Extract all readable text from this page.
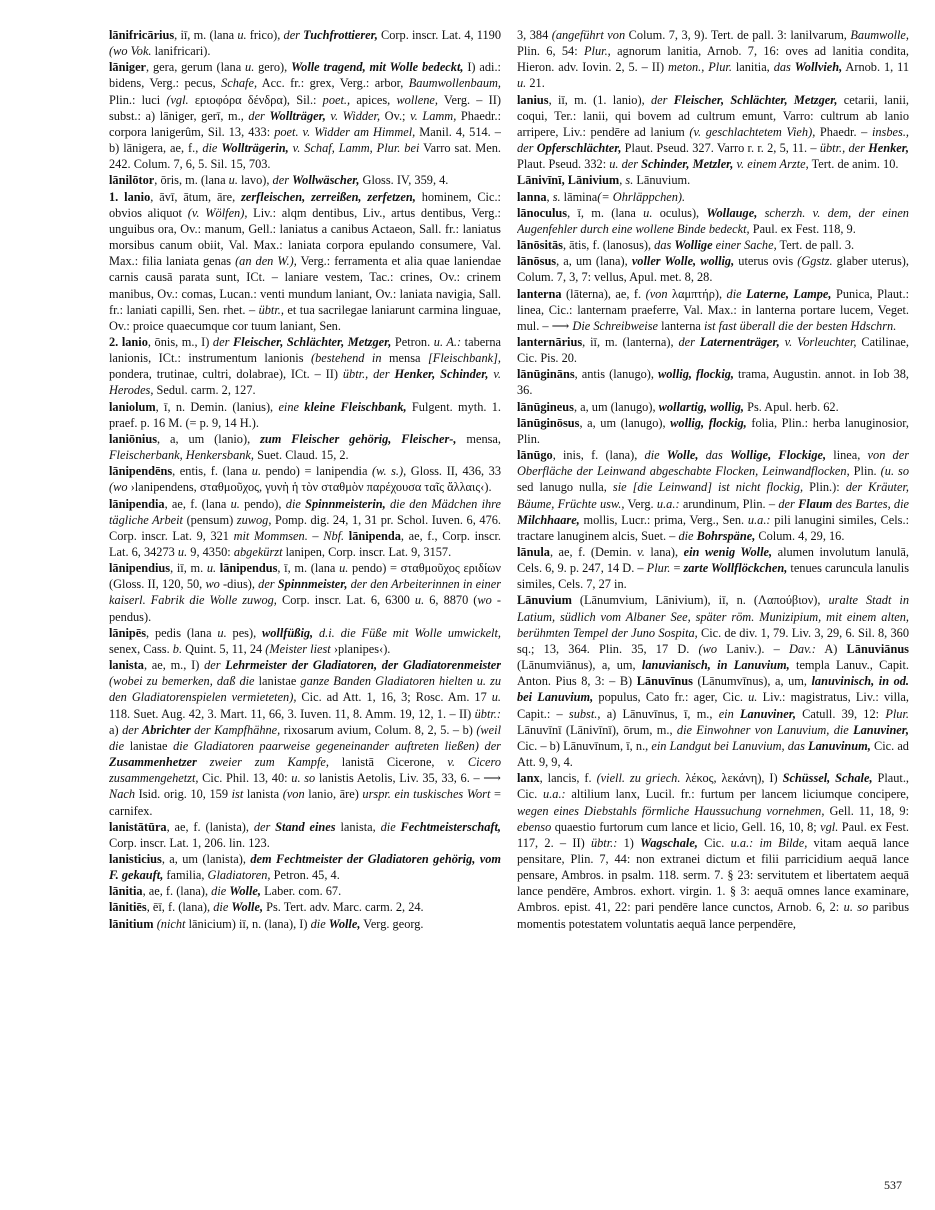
lānifricārius, iī, m. (lana u. frico), der Tuchfrottierer, Corp. inscr. Lat. 4, 1190 (wo Vok. lanifricari).

lāniger, gera, gerum (lana u. gero), Wolle tragend, mit Wolle bedeckt, I) adi.: bidens, Verg.: pecus, Schafe, Acc. fr.: grex, Verg.: arbor, Baumwollenbaum, Plin.: luci (vgl. εριοφόρα δένδρα), Sil.: poet., apices, wollene, Verg. – II) subst.: a) lāniger, gerī, m., der Wollträger, v. Widder, Ov.; v. Lamm, Phaedr.: corpora lanigerûm, Sil. 13, 433: poet. v. Widder am Himmel, Manil. 4, 514. – b) lānigera, ae, f., die Wollträgerin, v. Schaf, Lamm, Plur. bei Varro sat. Men. 242. Colum. 7, 6, 5. Sil. 15, 703.

lānilōtor, ōris, m. (lana u. lavo), der Wollwäscher, Gloss. IV, 359, 4.

1. lanio, āvī, ātum, āre, zerfleischen, zerreißen, zerfetzen, hominem, Cic.: obvios aliquot (v. Wölfen), Liv.: alqm dentibus, Liv., artus dentibus, Verg.: unguibus ora, Ov.: manum, Gell.: laniatus a canibus Actaeon, Sall. fr.: laniatus morsibus canum obiit, Val. Max.: laniata corpora epulando consumere, Val. Max.: filia laniata genas (an den W.), Verg.: ferramenta et alia quae laniendae carnis causā parata sunt, ICt. – laniare vestem, Tac.: crines, Ov.: crinem manibus, Ov.: comas, Lucan.: venti mundum laniant, Ov.: laniata navigia, Sall. fr.: laniati capilli, Sen. rhet. – übtr., et tua sacrilegae laniarunt carmina linguae, Ov.: proice quaecumque cor tuum laniant, Sen.

2. lanio, ōnis, m., I) der Fleischer, Schlächter, Metzger, Petron. u. A.: taberna lanionis, ICt.: instrumentum lanionis (bestehend in mensa [Fleischbank], pondera, trutinae, cultri, dolabrae), ICt. – II) übtr., der Henker, Schinder, v. Herodes, Sedul. carm. 2, 127.

laniolum, ī, n. Demin. (lanius), eine kleine Fleischbank, Fulgent. myth. 1. praef. p. 16 M. (= p. 9, 14 H.).

laniōnius, a, um (lanio), zum Fleischer gehörig, Fleischer-, mensa, Fleischerbank, Henkersbank, Suet. Claud. 15, 2.

lānipendēns, entis, f. (lana u. pendo) = lanipendia (w. s.), Gloss. II, 436, 33 (wo ›lanipendens, σταθμοῦχος, γυνὴ ἡ τὸν σταθμὸν παρέχουσα ταῖς ἄλλαις‹).

lānipendia, ae, f. (lana u. pendo), die Spinnmeisterin, die den Mädchen ihre tägliche Arbeit (pensum) zuwog, Pomp. dig. 24, 1, 31 pr. Schol. Iuven. 6, 476. Corp. inscr. Lat. 9, 321 mit Mommsen. – Nbf. lānipenda, ae, f., Corp. inscr. Lat. 6, 34273 u. 9, 4350: abgekürzt lanipen, Corp. inscr. Lat. 9, 3157.

lānipendius, iī, m. u. lānipendus, ī, m. (lana u. pendo) = σταθμοῦχος εριδίων (Gloss. II, 120, 50, wo -dius), der Spinnmeister, der den Arbeiterinnen in einer kaiserl. Fabrik die Wolle zuwog, Corp. inscr. Lat. 6, 6300 u. 6, 8870 (wo -pendus).

lānipēs, pedis (lana u. pes), wollfüßig, d.i. die Füße mit Wolle umwickelt, senex, Cass. b. Quint. 5, 11, 24 (Meister liest ›planipes‹).

lanista, ae, m., I) der Lehrmeister der Gladiatoren, der Gladiatorenmeister (wobei zu bemerken, daß die lanistae ganze Banden Gladiatoren hielten u. zu den Gladiatorenspielen vermieteten), Cic. ad Att. 1, 16, 3; Rosc. Am. 17 u. 118. Suet. Aug. 42, 3. Mart. 11, 66, 3. Iuven. 11, 8. Amm. 19, 12, 1. – II) übtr.: a) der Abrichter der Kampfhähne, rixosarum avium, Colum. 8, 2, 5. – b) (weil die lanistae die Gladiatoren paarweise gegeneinander auftreten ließen) der Zusammenhetzer zweier zum Kampfe, lanistā Cicerone, v. Cicero zusammengehetzt, Cic. Phil. 13, 40: u. so lanistis Aetolis, Liv. 35, 33, 6. – ⟶ Nach Isid. orig. 10, 159 ist lanista (von lanio, āre) urspr. ein tuskisches Wort = carnifex.

lanistātūra, ae, f. (lanista), der Stand eines lanista, die Fechtmeisterschaft, Corp. inscr. Lat. 1, 206. lin. 123.

lanisticius, a, um (lanista), dem Fechtmeister der Gladiatoren gehörig, vom F. gekauft, familia, Gladiatoren, Petron. 45, 4.

lānitia, ae, f. (lana), die Wolle, Laber. com. 67.

lānitiēs, ēī, f. (lana), die Wolle, Ps. Tert. adv. Marc. carm. 2, 24.

lānitium (nicht lānicium) iī, n. (lana), I) die Wolle, Verg. georg.

3, 384 (angeführt von Colum. 7, 3, 9). Tert. de pall. 3: lanilvarum, Baumwolle, Plin. 6, 54: Plur., agnorum lanitia, Arnob. 7, 16: oves ad lanitia condita, Hieron. adv. Iovin. 2, 5. – II) meton., Plur. lanitia, das Wollvieh, Arnob. 1, 11 u. 21.

lanius, iī, m. (1. lanio), der Fleischer, Schlächter, Metzger, cetarii, lanii, coqui, Ter.: lanii, qui bovem ad cultrum emunt, Varro: cultrum ab lanio arripere, Liv.: pendēre ad lanium (v. geschlachtetem Vieh), Phaedr. – insbes., der Opferschlächter, Plaut. Pseud. 327. Varro r. r. 2, 5, 11. – übtr., der Henker, Plaut. Pseud. 332: u. der Schinder, Metzler, v. einem Arzte, Tert. de anim. 10.

Lānivīnī, Lānivium, s. Lānuvium.

lanna, s. lāmina(= Ohrläppchen).

lānoculus, ī, m. (lana u. oculus), Wollauge, scherzh. v. dem, der einen Augenfehler durch eine wollene Binde bedeckt, Paul. ex Fest. 118, 9.

lānōsitās, ātis, f. (lanosus), das Wollige einer Sache, Tert. de pall. 3.

lānōsus, a, um (lana), voller Wolle, wollig, uterus ovis (Ggstz. glaber uterus), Colum. 7, 3, 7: vellus, Apul. met. 8, 28.

lanterna (lāterna), ae, f. (von λαμπτήρ), die Laterne, Lampe, Punica, Plaut.: linea, Cic.: lanternam praeferre, Val. Max.: in lanterna portare lucem, Veget. mul. – ⟶ Die Schreibweise lanterna ist fast überall die der besten Hdschrn.

lanternārius, iī, m. (lanterna), der Laternenträger, v. Vorleuchter, Catilinae, Cic. Pis. 20.

lānūgināns, antis (lanugo), wollig, flockig, trama, Augustin. annot. in Iob 38, 36.

lānūgineus, a, um (lanugo), wollartig, wollig, Ps. Apul. herb. 62.

lānūginōsus, a, um (lanugo), wollig, flockig, folia, Plin.: herba lanuginosior, Plin.

lānūgo, inis, f. (lana), die Wolle, das Wollige, Flockige, linea, von der Oberfläche der Leinwand abgeschabte Flocken, Leinwandflocken, Plin. (u. so sed lanugo nulla, sie [die Leinwand] ist nicht flockig, Plin.): der Kräuter, Bäume, Früchte usw., Verg. u.a.: arundinum, Plin. – der Flaum des Bartes, die Milchhaare, mollis, Lucr.: prima, Verg., Sen. u.a.: pili lanugini similes, Cels.: tractare lanuginem alcis, Suet. – die Bohrspäne, Colum. 4, 29, 16.

lānula, ae, f. (Demin. v. lana), ein wenig Wolle, alumen involutum lanulā, Cels. 6, 9. p. 247, 14 D. – Plur. = zarte Wollflöckchen, tenues caruncula lanulis similes, Cels. 7, 27 in.

Lānuvium (Lānumvium, Lānivium), iī, n. (Λαπούβιον), uralte Stadt in Latium, südlich vom Albaner See, später röm. Munizipium, mit einem alten, berühmten Tempel der Juno Sospita, Cic. de div. 1, 79. Liv. 3, 29, 6. Sil. 8, 360 sq.; 13, 364. Plin. 35, 17 D. (wo Laniv.). – Dav.: A) Lānuviānus (Lānumviānus), a, um, lanuvianisch, in Lanuvium, templa Lanuv., Capit. Anton. Pius 8, 3: – B) Lānuvīnus (Lānumvīnus), a, um, lanuvinisch, in od. bei Lanuvium, populus, Cato fr.: ager, Cic. u. Liv.: magistratus, Liv.: villa, Capit.: – subst., a) Lānuvīnus, ī, m., ein Lanuviner, Catull. 39, 12: Plur. Lānuvīnī (Lānivīnī), ōrum, m., die Einwohner von Lanuvium, die Lanuviner, Cic. – b) Lānuvīnum, ī, n., ein Landgut bei Lanuvium, das Lanuvinum, Cic. ad Att. 9, 9, 4.

lanx, lancis, f. (viell. zu griech. λέκος, λεκάνη), I) Schüssel, Schale, Plaut., Cic. u.a.: altilium lanx, Lucil. fr.: furtum per lancem liciumque concipere, wegen eines Diebstahls förmliche Haussuchung vornehmen, Gell. 11, 18, 9: ebenso quaestio furtorum cum lance et licio, Gell. 16, 10, 8; vgl. Paul. ex Fest. 117, 2. – II) übtr.: 1) Wagschale, Cic. u.a.: im Bilde, vitam aequā lance pensitare, Plin. 7, 44: non extranei dictum et filii parricidium aequā lance pensare, Ambros. in psalm. 118. serm. 7. § 23: servitutem et libertatem aequā lance pendēre, Ambros. exhort. virgin. 1. § 3: aequā omnes lance examinare, Ambros. epist. 41, 22: pari pendēre lance cunctos, Arnob. 6, 2: u. so paribus momentis potestatem voluntatis aequā lance perpendēre,

537
